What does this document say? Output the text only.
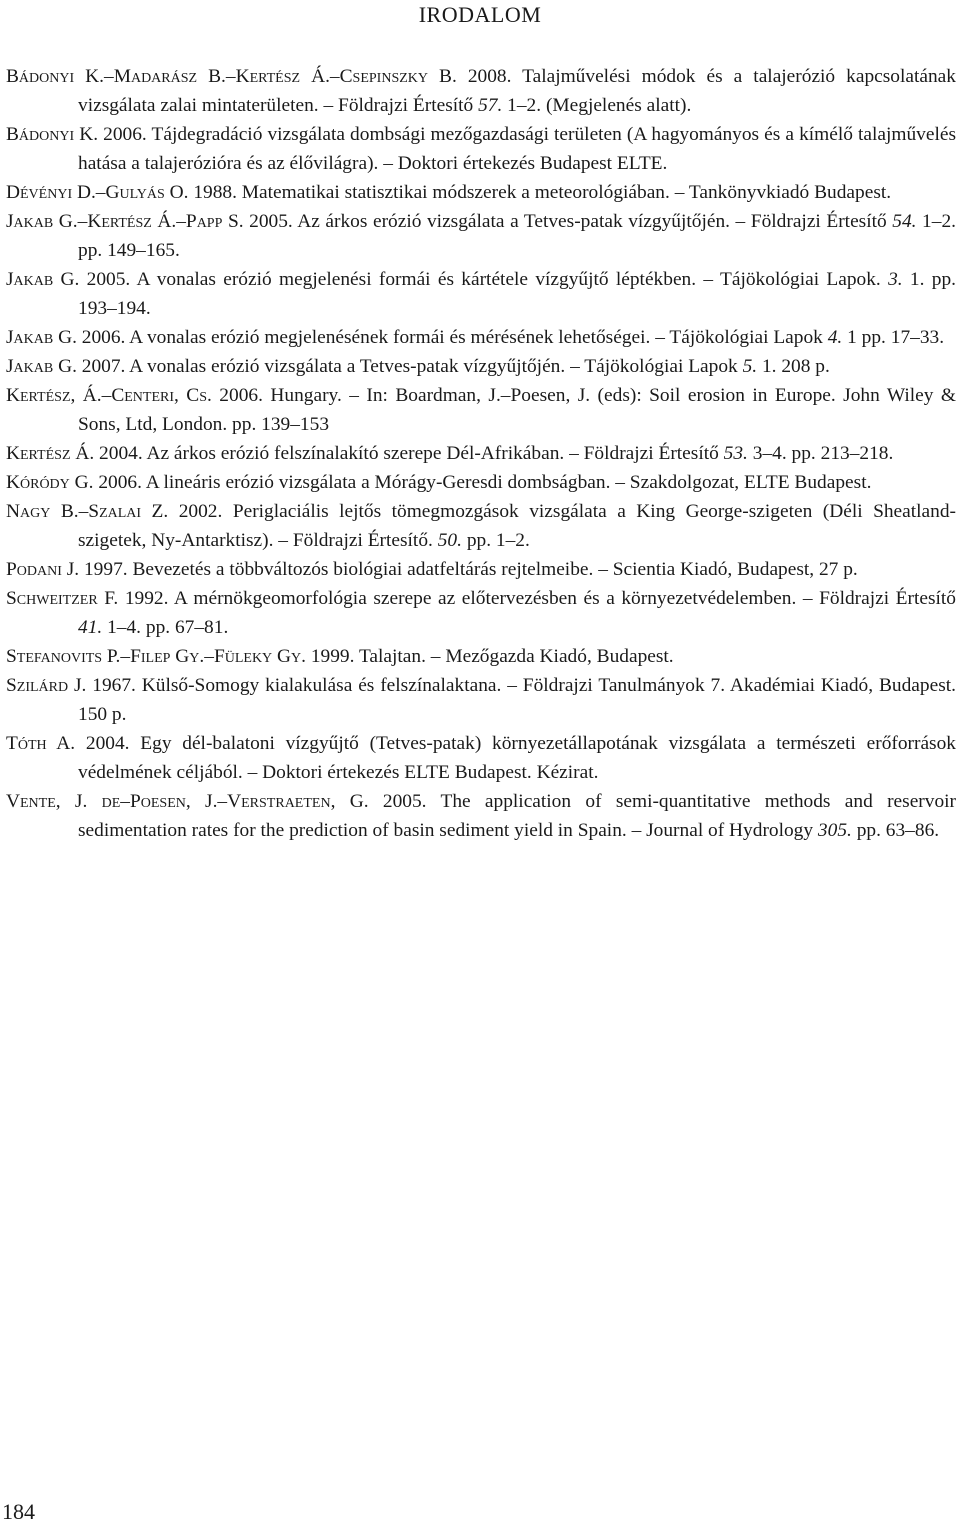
IRODALOM
Bádonyi K.–Madarász B.–Kertész Á.–Csepinszky B. 2008. Talajművelési módok és a talajerózió kapcsolatának vizsgálata zalai mintaterületen. – Földrajzi Értesítő 57. 1–2. (Megjelenés alatt).
Bádonyi K. 2006. Tájdegradáció vizsgálata dombsági mezőgazdasági területen (A hagyományos és a kímélő talajművelés hatása a talajerózióra és az élővilágra). – Doktori értekezés Budapest ELTE.
Dévényi D.–Gulyás O. 1988. Matematikai statisztikai módszerek a meteorológiában. – Tankönyvkiadó Budapest.
Jakab G.–Kertész Á.–Papp S. 2005. Az árkos erózió vizsgálata a Tetves-patak vízgyűjtőjén. – Földrajzi Értesítő 54. 1–2. pp. 149–165.
Jakab G. 2005. A vonalas erózió megjelenési formái és kártétele vízgyűjtő léptékben. – Tájökológiai Lapok. 3. 1. pp. 193–194.
Jakab G. 2006. A vonalas erózió megjelenésének formái és mérésének lehetőségei. – Tájökológiai Lapok 4. 1 pp. 17–33.
Jakab G. 2007. A vonalas erózió vizsgálata a Tetves-patak vízgyűjtőjén. – Tájökológiai Lapok 5. 1. 208 p.
Kertész, Á.–Centeri, Cs. 2006. Hungary. – In: Boardman, J.–Poesen, J. (eds): Soil erosion in Europe. John Wiley & Sons, Ltd, London. pp. 139–153
Kertész Á. 2004. Az árkos erózió felszínalakító szerepe Dél-Afrikában. – Földrajzi Értesítő 53. 3–4. pp. 213–218.
Kóródy G. 2006. A lineáris erózió vizsgálata a Mórágy-Geresdi dombságban. – Szakdolgozat, ELTE Budapest.
Nagy B.–Szalai Z. 2002. Periglaciális lejtős tömegmozgások vizsgálata a King George-szigeten (Déli Sheatland-szigetek, Ny-Antarktisz). – Földrajzi Értesítő. 50. pp. 1–2.
Podani J. 1997. Bevezetés a többváltozós biológiai adatfeltárás rejtelmeibe. – Scientia Kiadó, Budapest, 27 p.
Schweitzer F. 1992. A mérnökgeomorfológia szerepe az előtervezésben és a környezetvédelemben. – Földrajzi Értesítő 41. 1–4. pp. 67–81.
Stefanovits P.–Filep Gy.–Füleky Gy. 1999. Talajtan. – Mezőgazda Kiadó, Budapest.
Szilárd J. 1967. Külső-Somogy kialakulása és felszínalaktana. – Földrajzi Tanulmányok 7. Akadémiai Kiadó, Budapest. 150 p.
Tóth A. 2004. Egy dél-balatoni vízgyűjtő (Tetves-patak) környezetállapotának vizsgálata a természeti erőforrások védelmének céljából. – Doktori értekezés ELTE Budapest. Kézirat.
Vente, J. de–Poesen, J.–Verstraeten, G. 2005. The application of semi-quantitative methods and reservoir sedimentation rates for the prediction of basin sediment yield in Spain. – Journal of Hydrology 305. pp. 63–86.
184
